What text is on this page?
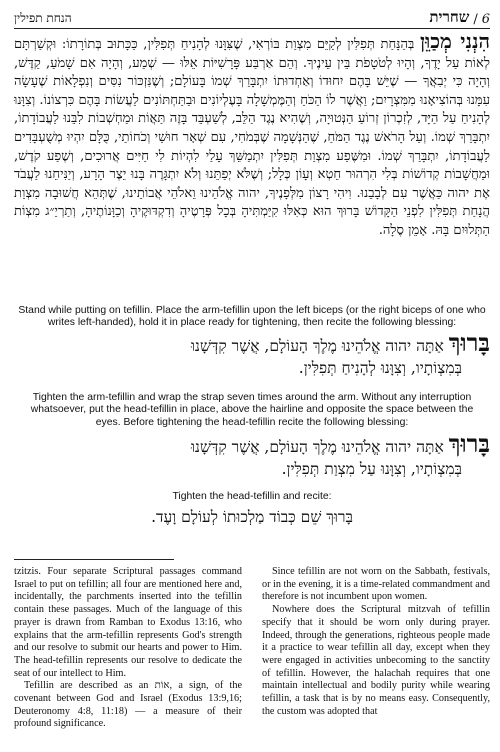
הנחת תפילין	שחרית / 6
הִנְנִי מְכַוֵּן בְּהַנָּחַת תְּפִלִּין לְקַיֵּם מִצְוַת בּוֹרְאִי, שֶׁצִּוָּנוּ לְהָנִיחַ תְּפִלִּין, כַּכָּתוּב בְּתוֹרָתוֹ: וּקְשַׁרְתָּם לְאוֹת עַל יָדֶךָ, וְהָיוּ לְטֹטָפֹת בֵּין עֵינֶיךָ. וְהֵם אַרְבַּע פָּרָשִׁיּוֹת אֵלּוּ — שְׁמַע, וְהָיָה אִם שָׁמֹעַ, קַדֶּשׁ, וְהָיָה כִּי יְבִאֲךָ — שֶׁיֵּשׁ בָּהֶם יִחוּדוֹ וְאַחְדוּתוֹ יִתְבָּרַךְ שְׁמוֹ בָּעוֹלָם; וְשֶׁנִּזְכּוֹר נִסִּים וְנִפְלָאוֹת שֶׁעָשָׂה עִמָּנוּ בְּהוֹצִיאָנוּ מִמִּצְרָיִם; וַאֲשֶׁר לוֹ הַכֹּחַ וְהַמֶּמְשָׁלָה בָּעֶלְיוֹנִים וּבַתַּחְתּוֹנִים לַעֲשׂוֹת בָּהֶם כִּרְצוֹנוֹ. וְצִוָּנוּ לְהָנִיחַ עַל הַיָּד, לְזִכְרוֹן זְרוֹעַ הַנְּטוּיָה, וְשֶׁהִיא נֶגֶד הַלֵּב, לְשַׁעְבֵּד בָּזֶה תַּאֲוֹת וּמַחְשְׁבוֹת לִבֵּנוּ לַעֲבוֹדָתוֹ, יִתְבָּרַךְ שְׁמוֹ. וְעַל הָרֹאשׁ נֶגֶד הַמֹּחַ, שֶׁהַנְּשָׁמָה שֶׁבְּמֹחִי, עִם שְׁאָר חוּשַׁי וְכֹחוֹתַי, כֻּלָּם יִהְיוּ מְשֻׁעְבָּדִים לַעֲבוֹדָתוֹ, יִתְבָּרַךְ שְׁמוֹ. וּמִשֶּׁפַע מִצְוַת תְּפִלִּין יִתְמַשֵּׁךְ עָלַי לִהְיוֹת לִי חַיִּים אֲרוּכִים, וְשֶׁפַע קֹדֶשׁ, וּמַחֲשָׁבוֹת קְדוֹשׁוֹת בְּלִי הִרְהוּר חֵטְא וְעָוֹן כְּלָל; וְשֶׁלֹּא יְפַתֵּנוּ וְלֹא יִתְגָּרֶה בָּנוּ יֵצֶר הָרָע, וְיַנִּיחֵנוּ לַעֲבֹד אֶת יהוה כַּאֲשֶׁר עִם לְבָבֵנוּ. וִיהִי רָצוֹן מִלְּפָנֶיךָ, יהוה אֱלֹהֵינוּ וֵאלֹהֵי אֲבוֹתֵינוּ, שֶׁתְּהֵא חֲשׁוּבָה מִצְוַת הֲנָחַת תְּפִלִּין לִפְנֵי הַקָּדוֹשׁ בָּרוּךְ הוּא כְּאִלּוּ קִיַּמְתִּיהָ בְּכָל פְּרָטֶיהָ וְדִקְדּוּקֶיהָ וְכַוָּנוֹתֶיהָ, וְתַרְיַ״ג מִצְוֹת הַתְּלוּיִם בָּהּ. אָמֵן סֶלָה.
Stand while putting on tefillin. Place the arm-tefillin upon the left biceps (or the right biceps of one who writes left-handed), hold it in place ready for tightening, then recite the following blessing:
בָּרוּךְ אַתָּה יהוה אֱלֹהֵינוּ מֶלֶךְ הָעוֹלָם, אֲשֶׁר קִדְּשָׁנוּ
בְּמִצְוֹתָיו, וְצִוָּנוּ לְהָנִיחַ תְּפִלִּין.
Tighten the arm-tefillin and wrap the strap seven times around the arm. Without any interruption whatsoever, put the head-tefillin in place, above the hairline and opposite the space between the eyes. Before tightening the head-tefillin recite the following blessing:
בָּרוּךְ אַתָּה יהוה אֱלֹהֵינוּ מֶלֶךְ הָעוֹלָם, אֲשֶׁר קִדְּשָׁנוּ
בְּמִצְוֹתָיו, וְצִוָּנוּ עַל מִצְוַת תְּפִלִּין.
Tighten the head-tefillin and recite:
בָּרוּךְ שֵׁם כְּבוֹד מַלְכוּתוֹ לְעוֹלָם וָעֶד.

tzitzis. Four separate Scriptural passages command Israel to put on tefillin; all four are mentioned here and, incidentally, the parchments inserted into the tefillin contain these passages. Much of the language of this prayer is drawn from Ramban to Exodus 13:16, who explains that the arm-tefillin represents God's strength and our resolve to submit our hearts and power to Him. The head-tefillin represents our resolve to dedicate the seat of our intellect to Him.

Tefillin are described as an אוֹת, a sign, of the covenant between God and Israel (Exodus 13:9,16; Deuteronomy 4:8, 11:18) — a measure of their profound significance.

Since tefillin are not worn on the Sabbath, festivals, or in the evening, it is a time-related commandment and therefore is not incumbent upon women.

Nowhere does the Scriptural mitzvah of tefillin specify that it should be worn only during prayer. Indeed, through the generations, righteous people made it a practice to wear tefillin all day, except when they were engaged in activities unbecoming to the sanctity of tefillin. However, the halachah requires that one maintain intellectual and bodily purity while wearing tefillin, a task that is by no means easy. Consequently, the custom was adopted that
